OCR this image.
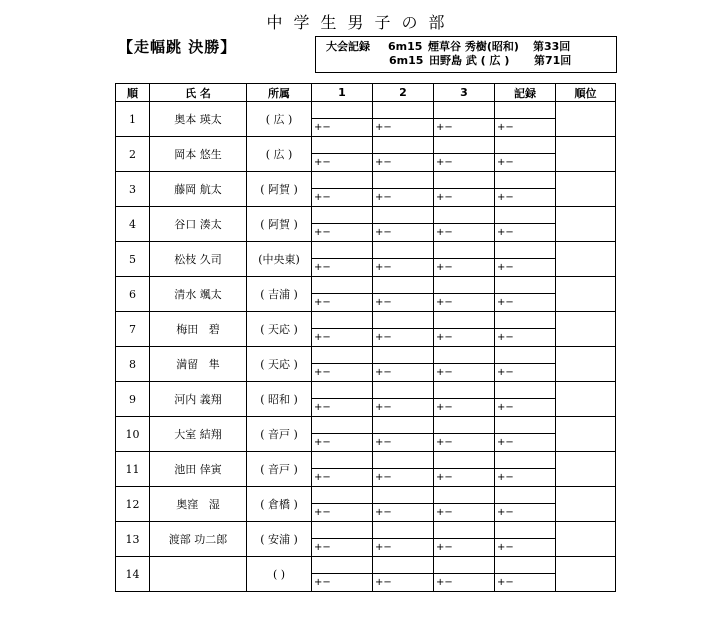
中学生男子の部
【走幅跳 決勝】	大会記録 6m15 煙草谷 秀樹(昭和) 第33回
6m15 田野島 武 ( 広 ) 第71回
順	氏 名	所属	1	2	3	記録	順位
1	奥本 瑛太	( 広 )					
			+−	+−	+−	+−	
2	岡本 悠生	( 広 )					
			+−	+−	+−	+−	
3	藤岡 航太	( 阿賀 )					
			+−	+−	+−	+−	
4	谷口 湊太	( 阿賀 )					
			+−	+−	+−	+−	
5	松枝 久司	(中央東)					
			+−	+−	+−	+−	
6	清水 颯太	( 吉浦 )					
			+−	+−	+−	+−	
7	梅田   碧	( 天応 )					
			+−	+−	+−	+−	
8	満留   隼	( 天応 )					
			+−	+−	+−	+−	
9	河内 義翔	( 昭和 )					
			+−	+−	+−	+−	
10	大室 結翔	( 音戸 )					
			+−	+−	+−	+−	
11	池田 倖寅	( 音戸 )					
			+−	+−	+−	+−	
12	奥窪   湿	( 倉橋 )					
			+−	+−	+−	+−	
13	渡部 功二郎	( 安浦 )					
			+−	+−	+−	+−	
14		( )					
			+−	+−	+−	+−	
